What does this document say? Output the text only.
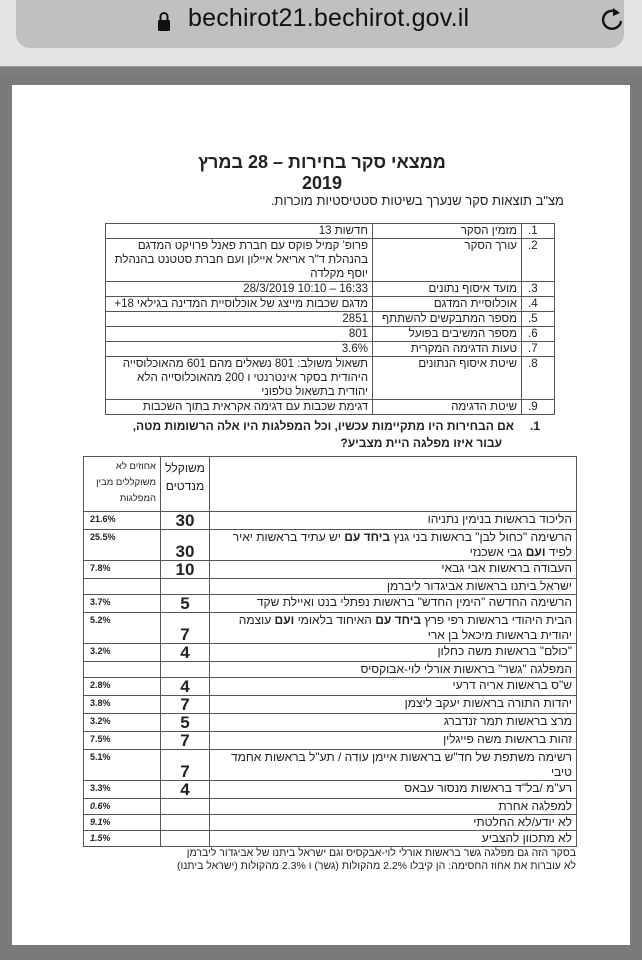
bechirot21.bechirot.gov.il
ממצאי סקר בחירות – 28 במרץ 2019
מצ"ב תוצאות סקר שנערך בשיטות סטטיסטיות מוכרות.
1.	מזמין הסקר	חדשות 13
2.	עורך הסקר	פרופ' קמיל פוקס עם חברת פאנל פרויקט המדגם בהנהלת ד"ר אריאל איילון ועם חברת סטטנט בהנהלת יוסף מקלדה
3.	מועד איסוף נתונים	16:33 – 10:10 28/3/2019
4.	אוכלוסיית המדגם	מדגם שכבות מייצג של אוכלוסיית המדינה בגילאי 18+
5.	מספר המתבקשים להשתתף	2851
6.	מספר המשיבים בפועל	801
7.	טעות הדגימה המקרית	3.6%
8.	שיטת איסוף הנתונים	תשאול משולב: 801 נשאלים מהם 601 מהאוכלוסייה היהודית בסקר אינטרנטי ו 200 מהאוכלוסייה הלא יהודית בתשאול טלפוני
9.	שיטת הדגימה	דגימת שכבות עם דגימה אקראית בתוך השכבות
1.אם הבחירות היו מתקיימות עכשיו, וכל המפלגות היו אלה הרשומות מטה,
עבור איזו מפלגה היית מצביע?
	משוקלל מנדטים	אחוזים לא משוקללים מבין המפלגות
הליכוד בראשות בנימין נתניהו	30	21.6%
הרשימה "כחול לבן" בראשות בני גנץ ביחד עם יש עתיד בראשות יאיר לפיד ועם גבי אשכנזי	30	25.5%
העבודה בראשות אבי גבאי	10	7.8%
ישראל ביתנו בראשות אביגדור ליברמן		
הרשימה החדשה "הימין החדש" בראשות נפתלי בנט ואיילת שקד	5	3.7%
הבית היהודי בראשות רפי פרץ ביחד עם האיחוד בלאומי ועם עוצמה יהודית בראשות מיכאל בן ארי	7	5.2%
"כולם" בראשות משה כחלון	4	3.2%
המפלגה "גשר" בראשות אורלי לוי-אבוקסיס		
ש"ס בראשות אריה דרעי	4	2.8%
יהדות התורה בראשות יעקב ליצמן	7	3.8%
מרצ בראשות תמר זנדברג	5	3.2%
זהות בראשות משה פייגלין	7	7.5%
רשימה משתפת של חד"ש בראשות איימן עודה / תע"ל בראשות אחמד טיבי	7	5.1%
רע"מ /בל"ד בראשות מנסור עבאס	4	3.3%
למפלגה אחרת		0.6%
לא יודע/לא החלטתי		9.1%
לא מתכוון להצביע		1.5%
בסקר הזה גם מפלגה גשר בראשות אורלי לוי-אבקסיס וגם ישראל ביתנו של אביגדור ליברמן
לא עוברות את אחוז החסימה: הן קיבלו 2.2% מהקולות (גשר) ו 2.3% מהקולות (ישראל ביתנו)
